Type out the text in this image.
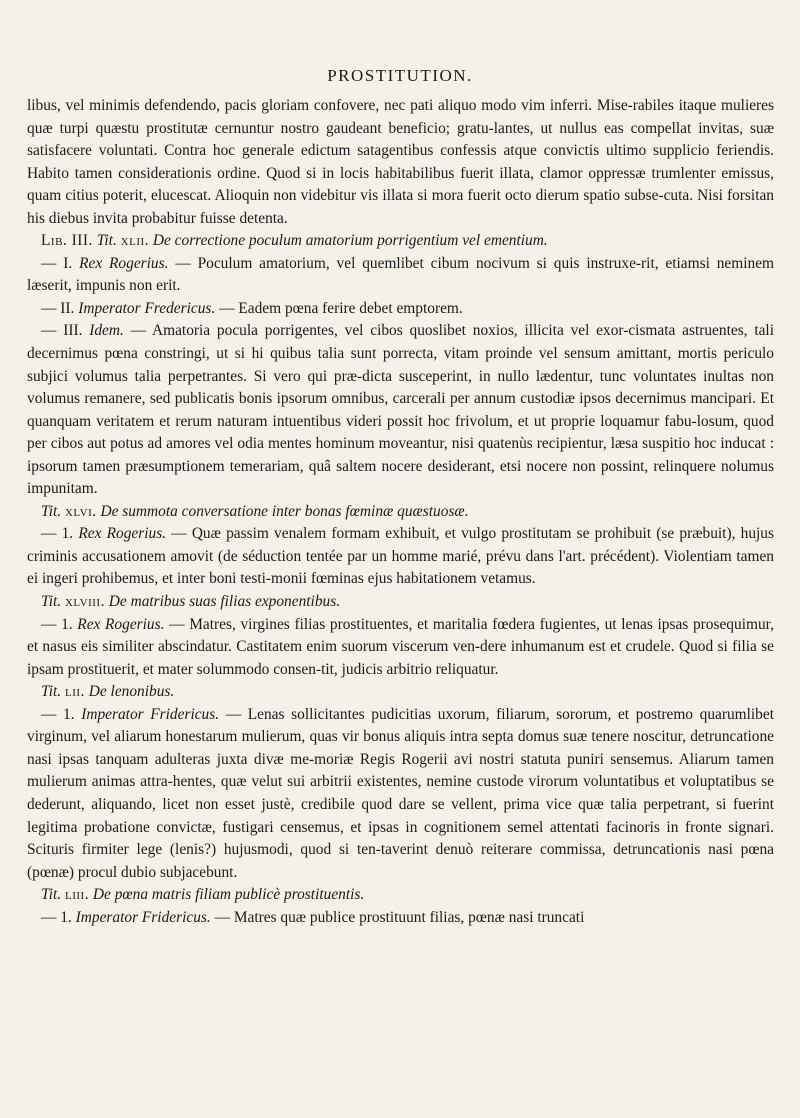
PROSTITUTION.

libus, vel minimis defendendo, pacis gloriam confovere, nec pati aliquo modo vim inferri. Mise-rabiles itaque mulieres quæ turpi quæstu prostitutæ cernuntur nostro gaudeant beneficio; gratu-lantes, ut nullus eas compellat invitas, suæ satisfacere voluntati. Contra hoc generale edictum satagentibus confessis atque convictis ultimo supplicio feriendis. Habito tamen considerationis ordine. Quod si in locis habitabilibus fuerit illata, clamor oppressæ trumlenter emissus, quam citius poterit, elucescat. Alioquin non videbitur vis illata si mora fuerit octo dierum spatio subse-cuta. Nisi forsitan his diebus invita probabitur fuisse detenta.

Lib. III. Tit. xlii. De correctione poculum amatorium porrigentium vel ementium.

— I. Rex Rogerius. — Poculum amatorium, vel quemlibet cibum nocivum si quis instruxe-rit, etiamsi neminem læserit, impunis non erit.

— II. Imperator Fredericus. — Eadem pœna ferire debet emptorem.

— III. Idem. — Amatoria pocula porrigentes, vel cibos quoslibet noxios, illicita vel exor-cismata astruentes, tali decernimus pœna constringi, ut si hi quibus talia sunt porrecta, vitam proinde vel sensum amittant, mortis periculo subjici volumus talia perpetrantes. Si vero qui præ-dicta susceperint, in nullo lædentur, tunc voluntates inultas non volumus remanere, sed publicatis bonis ipsorum omnibus, carcerali per annum custodiæ ipsos decernimus mancipari. Et quanquam veritatem et rerum naturam intuentibus videri possit hoc frivolum, et ut proprie loquamur fabu-losum, quod per cibos aut potus ad amores vel odia mentes hominum moveantur, nisi quatenùs recipientur, læsa suspitio hoc inducat : ipsorum tamen præsumptionem temerariam, quâ saltem nocere desiderant, etsi nocere non possint, relinquere nolumus impunitam.

Tit. xlvi. De summota conversatione inter bonas fœminæ quæstuosæ.

— 1. Rex Rogerius. — Quæ passim venalem formam exhibuit, et vulgo prostitutam se prohibuit (se præbuit), hujus criminis accusationem amovit (de séduction tentée par un homme marié, prévu dans l'art. précédent). Violentiam tamen ei ingeri prohibemus, et inter boni testi-monii fœminas ejus habitationem vetamus.

Tit. xlviii. De matribus suas filias exponentibus.

— 1. Rex Rogerius. — Matres, virgines filias prostituentes, et maritalia fœdera fugientes, ut lenas ipsas prosequimur, et nasus eis similiter abscindatur. Castitatem enim suorum viscerum ven-dere inhumanum est et crudele. Quod si filia se ipsam prostituerit, et mater solummodo consen-tit, judicis arbitrio reliquatur.

Tit. lii. De lenonibus.

— 1. Imperator Fridericus. — Lenas sollicitantes pudicitias uxorum, filiarum, sororum, et postremo quarumlibet virginum, vel aliarum honestarum mulierum, quas vir bonus aliquis intra septa domus suæ tenere noscitur, detruncatione nasi ipsas tanquam adulteras juxta divæ me-moriæ Regis Rogerii avi nostri statuta puniri sensemus. Aliarum tamen mulierum animas attra-hentes, quæ velut sui arbitrii existentes, nemine custode virorum voluntatibus et voluptatibus se dederunt, aliquando, licet non esset justè, credibile quod dare se vellent, prima vice quæ talia perpetrant, si fuerint legitima probatione convictæ, fustigari censemus, et ipsas in cognitionem semel attentati facinoris in fronte signari. Scituris firmiter lege (lenis?) hujusmodi, quod si ten-taverint denuò reiterare commissa, detruncationis nasi pœna (pœnæ) procul dubio subjacebunt.

Tit. liii. De pœna matris filiam publicè prostituentis.

— 1. Imperator Fridericus. — Matres quæ publice prostituunt filias, pœnæ nasi truncati
